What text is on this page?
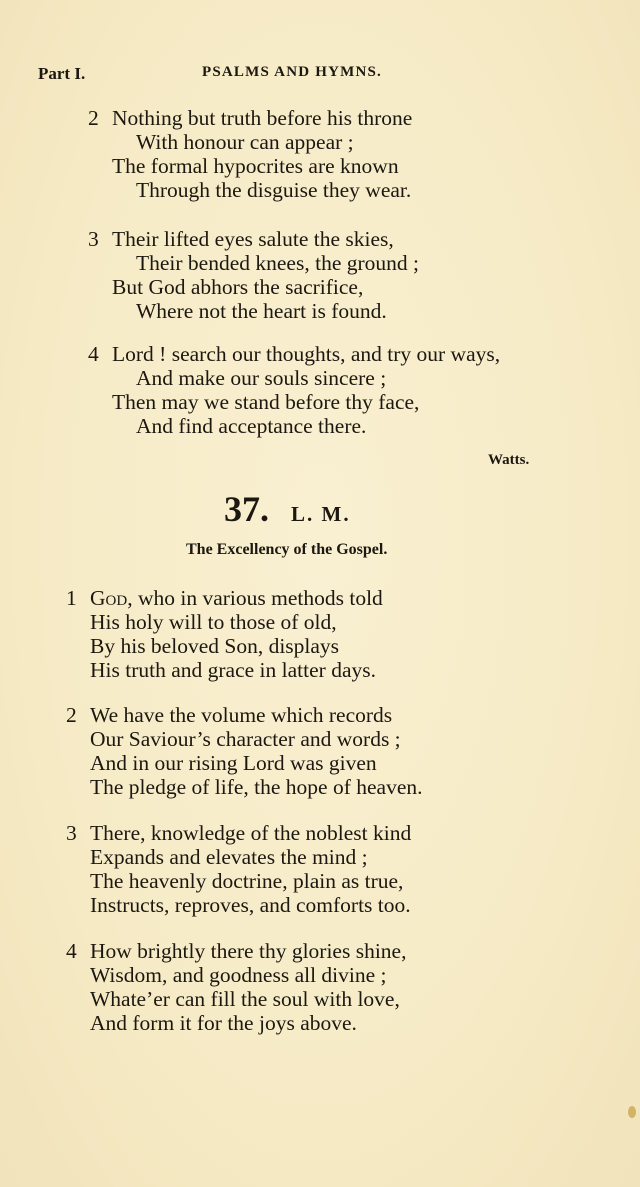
Part I.	PSALMS AND HYMNS.
2 Nothing but truth before his throne
With honour can appear ;
The formal hypocrites are known
Through the disguise they wear.
3 Their lifted eyes salute the skies,
Their bended knees, the ground ;
But God abhors the sacrifice,
Where not the heart is found.
4 Lord ! search our thoughts, and try our ways,
And make our souls sincere ;
Then may we stand before thy face,
And find acceptance there.
Watts.
37. L. M.
The Excellency of the Gospel.
1 God, who in various methods told
His holy will to those of old,
By his beloved Son, displays
His truth and grace in latter days.
2 We have the volume which records
Our Saviour’s character and words ;
And in our rising Lord was given
The pledge of life, the hope of heaven.
3 There, knowledge of the noblest kind
Expands and elevates the mind ;
The heavenly doctrine, plain as true,
Instructs, reproves, and comforts too.
4 How brightly there thy glories shine,
Wisdom, and goodness all divine ;
Whate’er can fill the soul with love,
And form it for the joys above.
